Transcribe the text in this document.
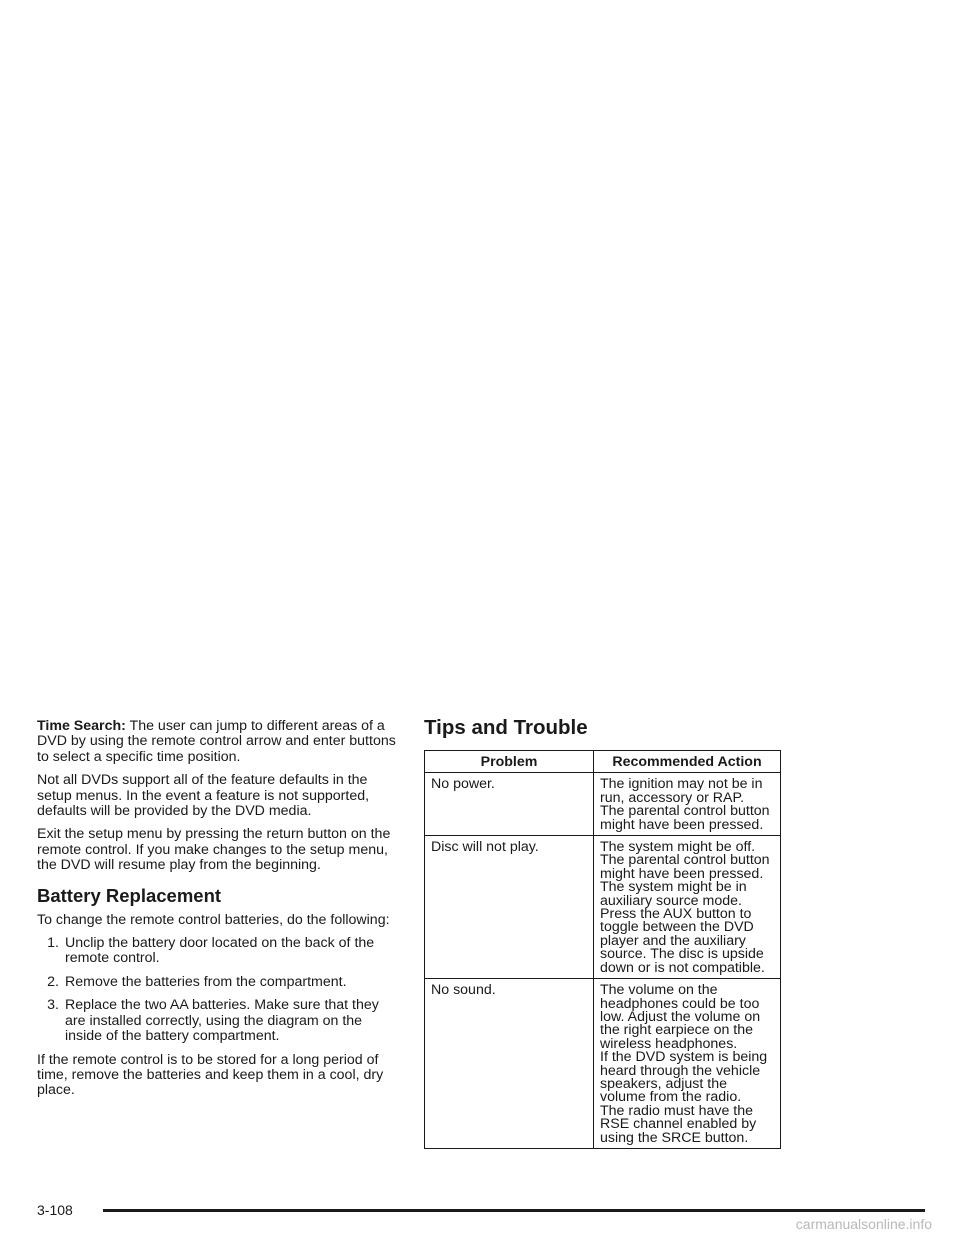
Time Search: The user can jump to different areas of a DVD by using the remote control arrow and enter buttons to select a specific time position.

Not all DVDs support all of the feature defaults in the setup menus. In the event a feature is not supported, defaults will be provided by the DVD media.

Exit the setup menu by pressing the return button on the remote control. If you make changes to the setup menu, the DVD will resume play from the beginning.

Battery Replacement

To change the remote control batteries, do the following:

1. Unclip the battery door located on the back of the remote control.
2. Remove the batteries from the compartment.
3. Replace the two AA batteries. Make sure that they are installed correctly, using the diagram on the inside of the battery compartment.

If the remote control is to be stored for a long period of time, remove the batteries and keep them in a cool, dry place.

Tips and Trouble
Problem	Recommended Action
No power.	The ignition may not be in run, accessory or RAP.
The parental control button might have been pressed.
Disc will not play.	The system might be off.
The parental control button might have been pressed.
The system might be in auxiliary source mode. Press the AUX button to toggle between the DVD player and the auxiliary source. The disc is upside down or is not compatible.
No sound.	The volume on the headphones could be too low. Adjust the volume on the right earpiece on the wireless headphones.
If the DVD system is being heard through the vehicle speakers, adjust the volume from the radio.
The radio must have the RSE channel enabled by using the SRCE button.
3-108
carmanualsonline.info
